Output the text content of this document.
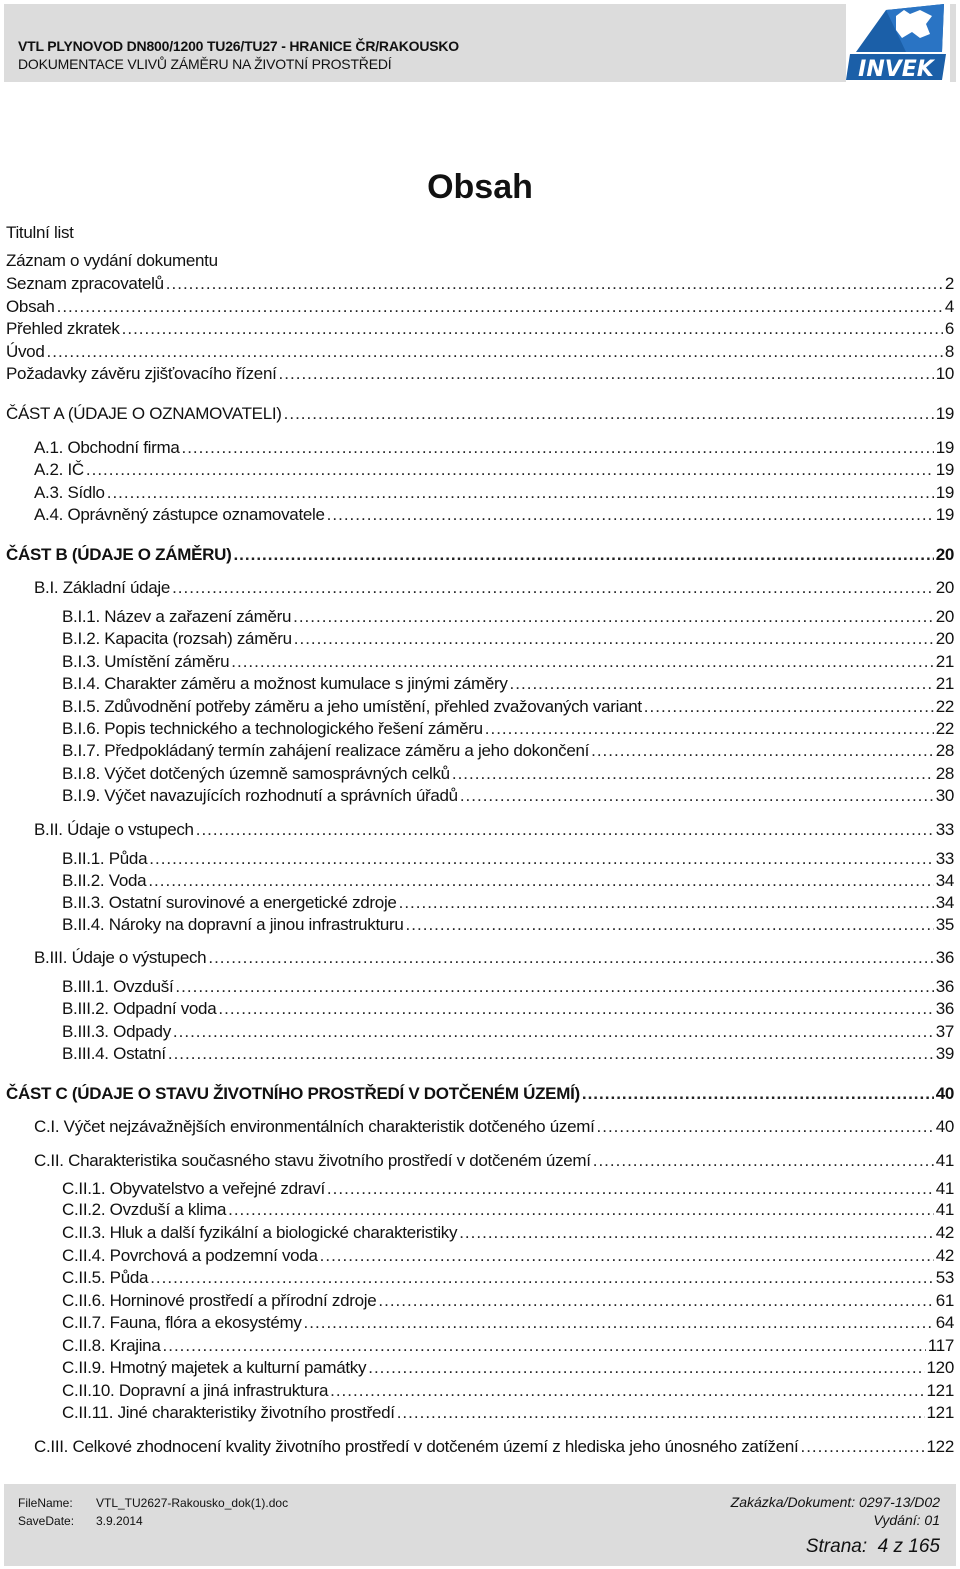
VTL PLYNOVOD DN800/1200 TU26/TU27 - HRANICE ČR/RAKOUSKO
DOKUMENTACE VLIVŮ ZÁMĚRU NA ŽIVOTNÍ PROSTŘEDÍ	INVEK
Obsah
Titulní list
Záznam o vydání dokumentu
Seznam zpracovatelů .....	2
Obsah .....	4
Přehled zkratek .....	6
Úvod .....	8
Požadavky závěru zjišťovacího řízení .....	10
ČÁST A (ÚDAJE O OZNAMOVATELI) .....	19
A.1. Obchodní firma .....	19
A.2. IČ .....	19
A.3. Sídlo .....	19
A.4. Oprávněný zástupce oznamovatele .....	19
ČÁST B (ÚDAJE O ZÁMĚRU) .....	20
B.I. Základní údaje .....	20
B.I.1. Název a zařazení záměru .....	20
B.I.2. Kapacita (rozsah) záměru .....	20
B.I.3. Umístění záměru .....	21
B.I.4. Charakter záměru a možnost kumulace s jinými záměry .....	21
B.I.5. Zdůvodnění potřeby záměru a jeho umístění, přehled zvažovaných variant .....	22
B.I.6. Popis technického a technologického řešení záměru .....	22
B.I.7. Předpokládaný termín zahájení realizace záměru a jeho dokončení .....	28
B.I.8. Výčet dotčených územně samosprávných celků .....	28
B.I.9. Výčet navazujících rozhodnutí a správních úřadů .....	30
B.II. Údaje o vstupech .....	33
B.II.1. Půda .....	33
B.II.2. Voda .....	34
B.II.3. Ostatní surovinové a energetické zdroje .....	34
B.II.4. Nároky na dopravní a jinou infrastrukturu .....	35
B.III. Údaje o výstupech .....	36
B.III.1. Ovzduší .....	36
B.III.2. Odpadní voda .....	36
B.III.3. Odpady .....	37
B.III.4. Ostatní .....	39
ČÁST C (ÚDAJE O STAVU ŽIVOTNÍHO PROSTŘEDÍ V DOTČENÉM ÚZEMÍ) .....	40
C.I. Výčet nejzávažnějších environmentálních charakteristik dotčeného území .....	40
C.II. Charakteristika současného stavu životního prostředí v dotčeném území .....	41
C.II.1. Obyvatelstvo a veřejné zdraví .....	41
C.II.2. Ovzduší a klima .....	41
C.II.3. Hluk a další fyzikální a biologické charakteristiky .....	42
C.II.4. Povrchová a podzemní voda .....	42
C.II.5. Půda .....	53
C.II.6. Horninové prostředí a přírodní zdroje .....	61
C.II.7. Fauna, flóra a ekosystémy .....	64
C.II.8. Krajina .....	117
C.II.9. Hmotný majetek a kulturní památky .....	120
C.II.10. Dopravní a jiná infrastruktura .....	121
C.II.11. Jiné charakteristiky životního prostředí .....	121
C.III. Celkové zhodnocení kvality životního prostředí v dotčeném území z hlediska jeho únosného zatížení .....	122
FileName: VTL_TU2627-Rakousko_dok(1).doc
SaveDate: 3.9.2014
Zakázka/Dokument: 0297-13/D02
Vydání: 01
Strana: 4 z 165
